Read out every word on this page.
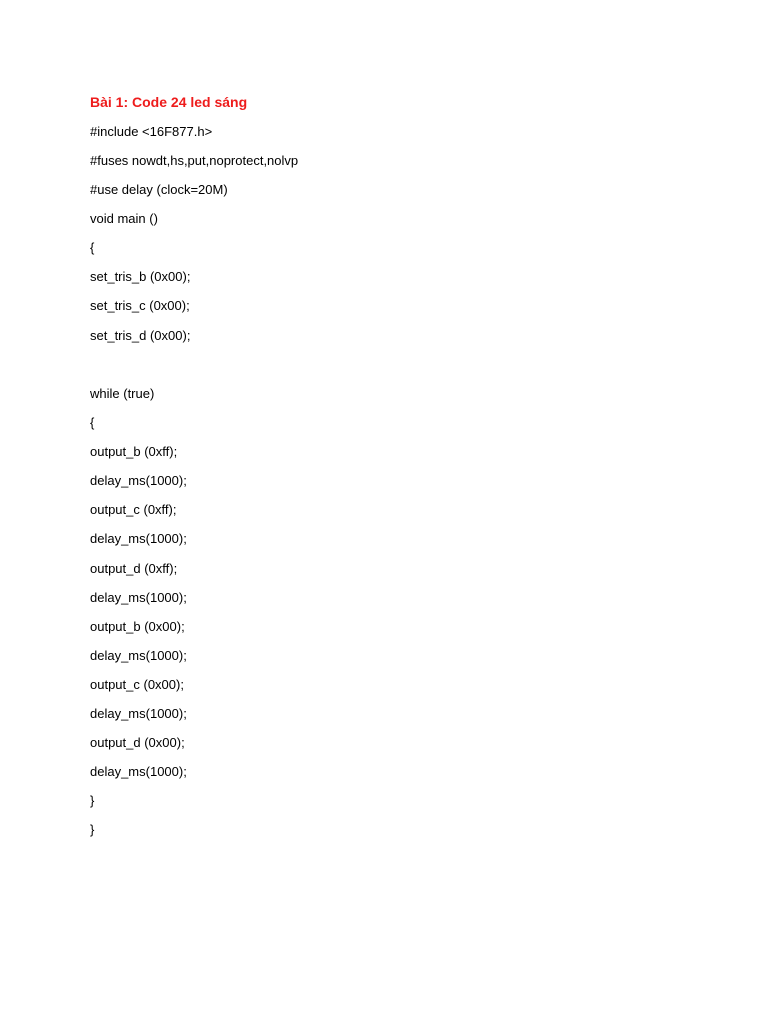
Bài 1: Code 24 led sáng
#include <16F877.h>
#fuses nowdt,hs,put,noprotect,nolvp
#use delay (clock=20M)
void main ()
{
set_tris_b (0x00);
set_tris_c (0x00);
set_tris_d (0x00);
while (true)
{
output_b (0xff);
delay_ms(1000);
output_c (0xff);
delay_ms(1000);
output_d (0xff);
delay_ms(1000);
output_b (0x00);
delay_ms(1000);
output_c (0x00);
delay_ms(1000);
output_d (0x00);
delay_ms(1000);
}
}
